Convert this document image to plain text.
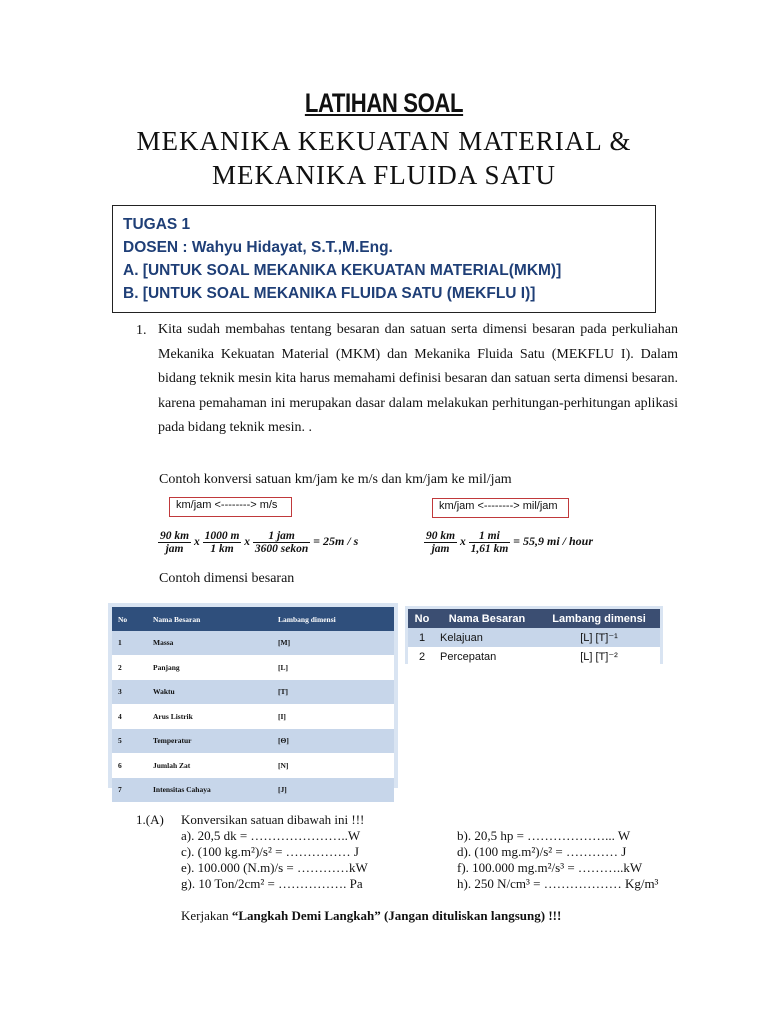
LATIHAN SOAL
MEKANIKA KEKUATAN MATERIAL &
MEKANIKA FLUIDA SATU
TUGAS 1
DOSEN : Wahyu Hidayat, S.T.,M.Eng.
A. [UNTUK SOAL MEKANIKA KEKUATAN MATERIAL(MKM)]
B. [UNTUK SOAL MEKANIKA FLUIDA SATU (MEKFLU I)]
1. Kita sudah membahas tentang besaran dan satuan serta dimensi besaran pada perkuliahan
Mekanika Kekuatan Material (MKM) dan Mekanika Fluida Satu (MEKFLU I). Dalam
bidang teknik mesin kita harus memahami definisi besaran dan satuan serta dimensi besaran.
karena pemahaman ini merupakan dasar dalam melakukan perhitungan-perhitungan aplikasi
pada bidang teknik mesin. .
Contoh konversi satuan km/jam ke m/s dan km/jam ke mil/jam
km/jam <--------> m/s
$\frac{90 km}{\text{jam}}$ x $\frac{1000 m}{1 km}$ x $\frac{\text{1 jam}}{\text{3600 sekon}} = 25m / s$
km/jam <--------> mil/jam
$\frac{90 km}{\text{jam}}$ x $\frac{1 mi}{1,61 km} = 55,9$ mi / hour
Contoh dimensi besaran
No	Nama Besaran	Lambang dimensi
1	Massa	[M]
2	Panjang	[L]
3	Waktu	[T]
4	Arus Listrik	[I]
5	Temperatur	[Θ]
6	Jumlah Zat	[N]
7	Intensitas Cahaya	[J]
No	Nama Besaran	Lambang dimensi
1	Kelajuan	[L] [T]⁻¹
2	Percepatan	[L] [T]⁻²
1.(A) Konversikan satuan dibawah ini !!!
a). 20,5 dk = …………………..W	b). 20,5 hp = ………………... W
c). (100 kg.m²)/s² = …………… J	d). (100 mg.m²)/s² = ………… J
e). 100.000 (N.m)/s = …………kW	f). 100.000 mg.m²/s³ = ………..kW
g). 10 Ton/2cm² = ……………. Pa	h). 250 N/cm³ = ……………… Kg/m³
Kerjakan “Langkah Demi Langkah” (Jangan dituliskan langsung) !!!
